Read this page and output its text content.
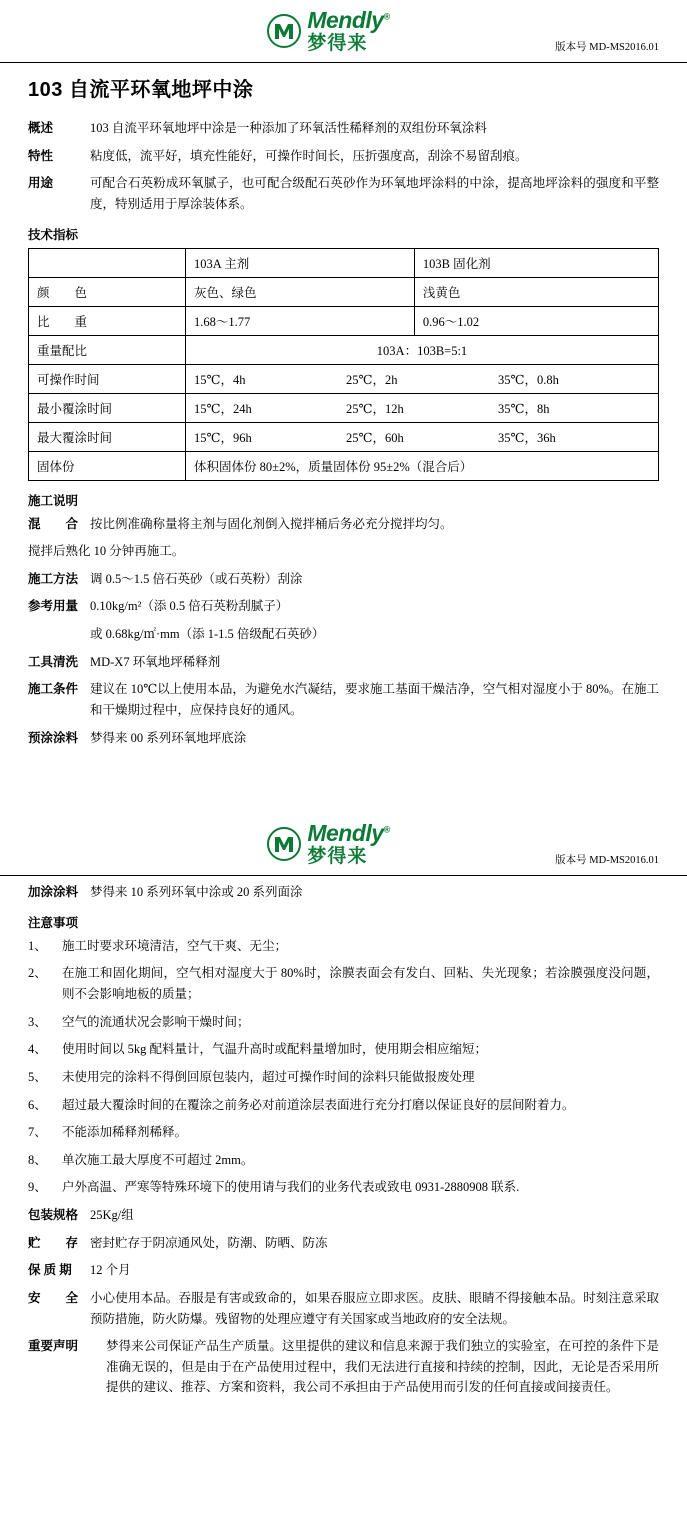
Mendly®
梦得来	版本号 MD-MS2016.01
103 自流平环氧地坪中涂
概述	103 自流平环氧地坪中涂是一种添加了环氧活性稀释剂的双组份环氧涂料
特性	粘度低，流平好，填充性能好，可操作时间长，压折强度高，刮涂不易留刮痕。
用途	可配合石英粉成环氧腻子，也可配合级配石英砂作为环氧地坪涂料的中涂，提高地坪涂料的强度和平整度，特别适用于厚涂装体系。
技术指标
	103A 主剂	103B 固化剂
颜　　色	灰色、绿色	浅黄色
比　　重	1.68～1.77	0.96～1.02
重量配比	103A：103B=5:1	
可操作时间	15℃，4h 25℃，2h 35℃，0.8h	

最小覆涂时间	15℃，24h 25℃，12h 35℃，8h	

最大覆涂时间	15℃，96h 25℃，60h 35℃，36h	

固体份	体积固体份 80±2%，质量固体份 95±2%（混合后）	
施工说明
混　　合 按比例准确称量将主剂与固化剂倒入搅拌桶后务必充分搅拌均匀。
搅拌后熟化 10 分钟再施工。
施工方法 调 0.5～1.5 倍石英砂（或石英粉）刮涂
参考用量 0.10kg/m²（添 0.5 倍石英粉刮腻子）
或 0.68kg/㎡·mm（添 1-1.5 倍级配石英砂）
工具清洗 MD-X7 环氧地坪稀释剂
施工条件 建议在 10℃以上使用本品，为避免水汽凝结，要求施工基面干燥洁净，空气相对湿度小于 80%。在施工和干燥期过程中，应保持良好的通风。
预涂涂料 梦得来 00 系列环氧地坪底涂
Mendly®
梦得来	版本号 MD-MS2016.01
加涂涂料 梦得来 10 系列环氧中涂或 20 系列面涂
注意事项
1、	施工时要求环境清洁，空气干爽、无尘；
2、	在施工和固化期间，空气相对湿度大于 80%时，涂膜表面会有发白、回粘、失光现象；若涂膜强度没问题，则不会影响地板的质量；
3、	空气的流通状况会影响干燥时间；
4、	使用时间以 5kg 配料量计，气温升高时或配料量增加时，使用期会相应缩短；
5、	未使用完的涂料不得倒回原包装内，超过可操作时间的涂料只能做报废处理
6、	超过最大覆涂时间的在覆涂之前务必对前道涂层表面进行充分打磨以保证良好的层间附着力。
7、	不能添加稀释剂稀释。
8、	单次施工最大厚度不可超过 2mm。
9、	户外高温、严寒等特殊环境下的使用请与我们的业务代表或致电 0931-2880908 联系.
包装规格 25Kg/组
贮　　存 密封贮存于阴凉通风处，防潮、防晒、防冻
保 质 期	12 个月
安　　全 小心使用本品。吞服是有害或致命的，如果吞服应立即求医。皮肤、眼睛不得接触本品。时刻注意采取预防措施，防火防爆。残留物的处理应遵守有关国家或当地政府的安全法规。
重要声明	梦得来公司保证产品生产质量。这里提供的建议和信息来源于我们独立的实验室，在可控的条件下是准确无误的，但是由于在产品使用过程中，我们无法进行直接和持续的控制，因此，无论是否采用所提供的建议、推荐、方案和资料，我公司不承担由于产品使用而引发的任何直接或间接责任。
